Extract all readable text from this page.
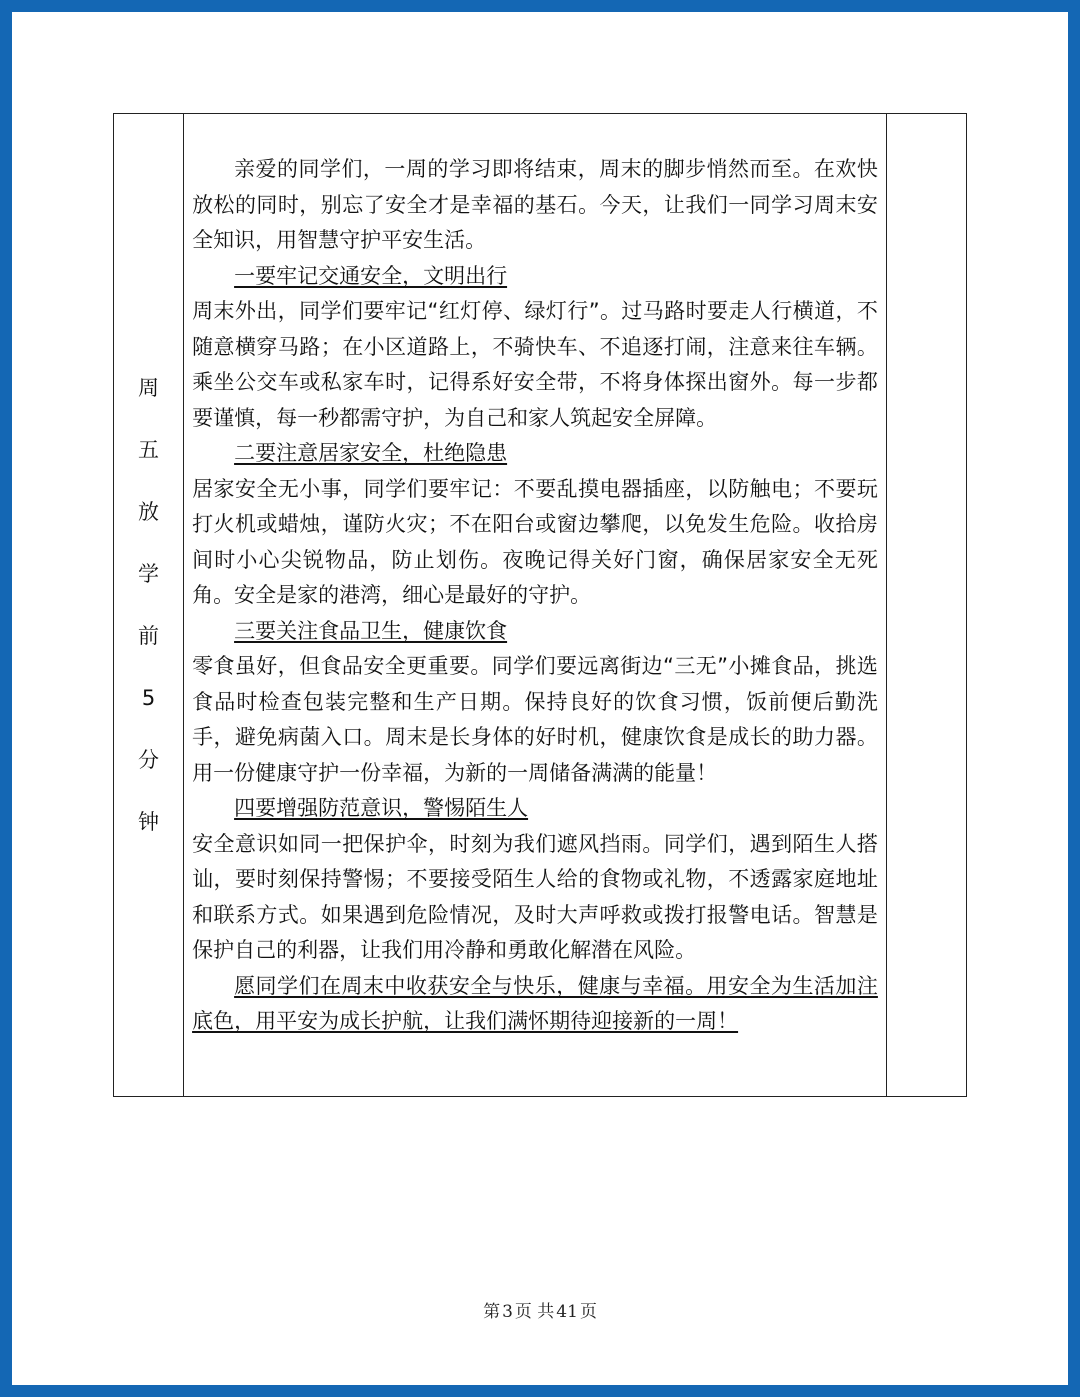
周
五
放
学
前
5
分
钟

亲爱的同学们，一周的学习即将结束，周末的脚步悄然而至。在欢快放松的同时，别忘了安全才是幸福的基石。今天，让我们一同学习周末安全知识，用智慧守护平安生活。

一要牢记交通安全，文明出行

周末外出，同学们要牢记“红灯停、绿灯行”。过马路时要走人行横道，不随意横穿马路；在小区道路上，不骑快车、不追逐打闹，注意来往车辆。乘坐公交车或私家车时，记得系好安全带，不将身体探出窗外。每一步都要谨慎，每一秒都需守护，为自己和家人筑起安全屏障。

二要注意居家安全，杜绝隐患

居家安全无小事，同学们要牢记：不要乱摸电器插座，以防触电；不要玩打火机或蜡烛，谨防火灾；不在阳台或窗边攀爬，以免发生危险。收拾房间时小心尖锐物品，防止划伤。夜晚记得关好门窗，确保居家安全无死角。安全是家的港湾，细心是最好的守护。

三要关注食品卫生，健康饮食

零食虽好，但食品安全更重要。同学们要远离街边“三无”小摊食品，挑选食品时检查包装完整和生产日期。保持良好的饮食习惯，饭前便后勤洗手，避免病菌入口。周末是长身体的好时机，健康饮食是成长的助力器。用一份健康守护一份幸福，为新的一周储备满满的能量！

四要增强防范意识，警惕陌生人

安全意识如同一把保护伞，时刻为我们遮风挡雨。同学们，遇到陌生人搭讪，要时刻保持警惕；不要接受陌生人给的食物或礼物，不透露家庭地址和联系方式。如果遇到危险情况，及时大声呼救或拨打报警电话。智慧是保护自己的利器，让我们用冷静和勇敢化解潜在风险。

愿同学们在周末中收获安全与快乐，健康与幸福。用安全为生活加注底色，用平安为成长护航，让我们满怀期待迎接新的一周！

第 3 页 共 41 页
